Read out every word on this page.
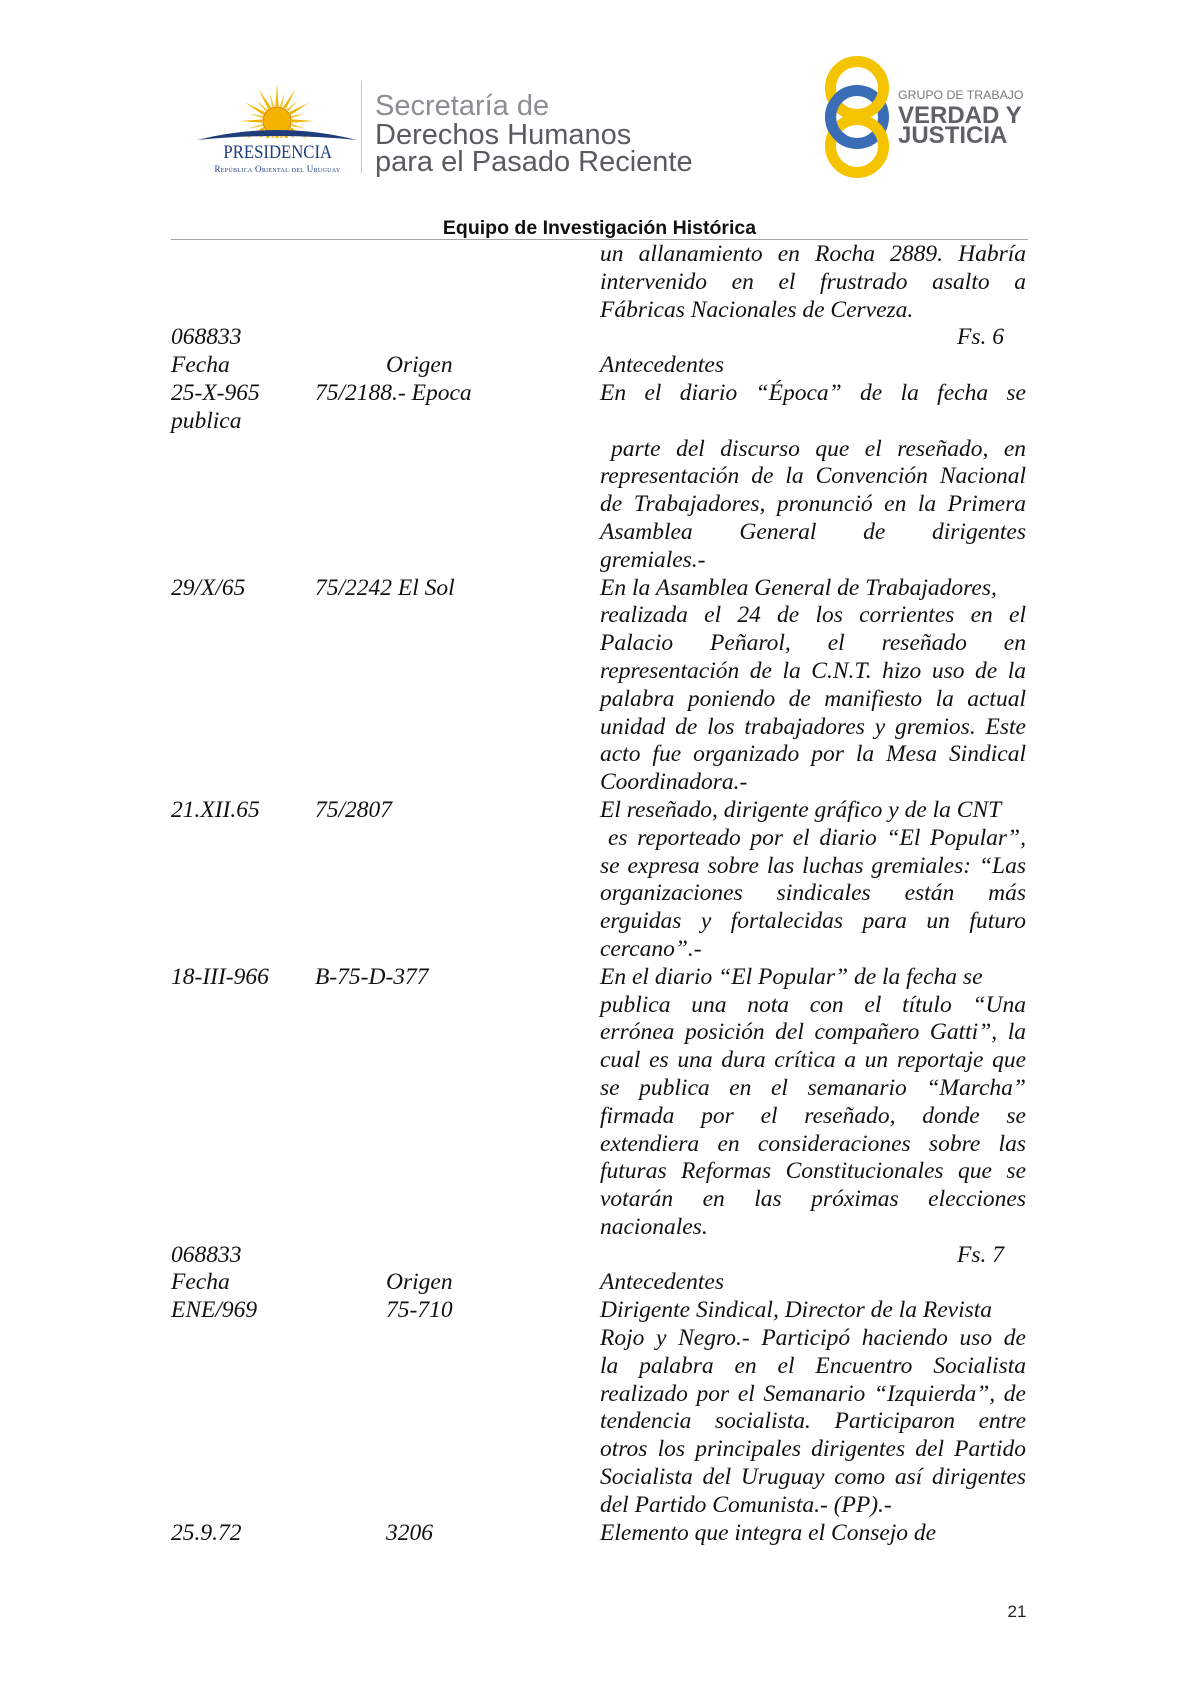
PRESIDENCIA
República Oriental del Uruguay
Secretaría de
Derechos Humanos
para el Pasado Reciente
GRUPO DE TRABAJO
VERDAD Y
JUSTICIA
Equipo de Investigación Histórica
un allanamiento en Rocha 2889. Habría
intervenido en el frustrado asalto a
Fábricas Nacionales de Cerveza.
068833	Fs. 6
Fecha	Origen	Antecedentes
25-X-965 75/2188.- Epoca	En el diario “Época” de la fecha se
publica
parte del discurso que el reseñado, en
representación de la Convención Nacional
de Trabajadores, pronunció en la Primera
Asamblea General de dirigentes
gremiales.-
29/X/65	75/2242 El Sol	En la Asamblea General de Trabajadores,
realizada el 24 de los corrientes en el
Palacio Peñarol, el reseñado en
representación de la C.N.T. hizo uso de la
palabra poniendo de manifiesto la actual
unidad de los trabajadores y gremios. Este
acto fue organizado por la Mesa Sindical
Coordinadora.-
21.XII.65 75/2807	El reseñado, dirigente gráfico y de la CNT
es reporteado por el diario “El Popular”,
se expresa sobre las luchas gremiales: “Las
organizaciones sindicales están más
erguidas y fortalecidas para un futuro
cercano”.-
18-III-966 B-75-D-377	En el diario “El Popular” de la fecha se
publica una nota con el título “Una
errónea posición del compañero Gatti”, la
cual es una dura crítica a un reportaje que
se publica en el semanario “Marcha”
firmada por el reseñado, donde se
extendiera en consideraciones sobre las
futuras Reformas Constitucionales que se
votarán en las próximas elecciones
nacionales.
068833	Fs. 7
Fecha	Origen	Antecedentes
ENE/969	75-710	Dirigente Sindical, Director de la Revista
Rojo y Negro.- Participó haciendo uso de
la palabra en el Encuentro Socialista
realizado por el Semanario “Izquierda”, de
tendencia socialista. Participaron entre
otros los principales dirigentes del Partido
Socialista del Uruguay como así dirigentes
del Partido Comunista.- (PP).-
25.9.72	3206	Elemento que integra el Consejo de
21
